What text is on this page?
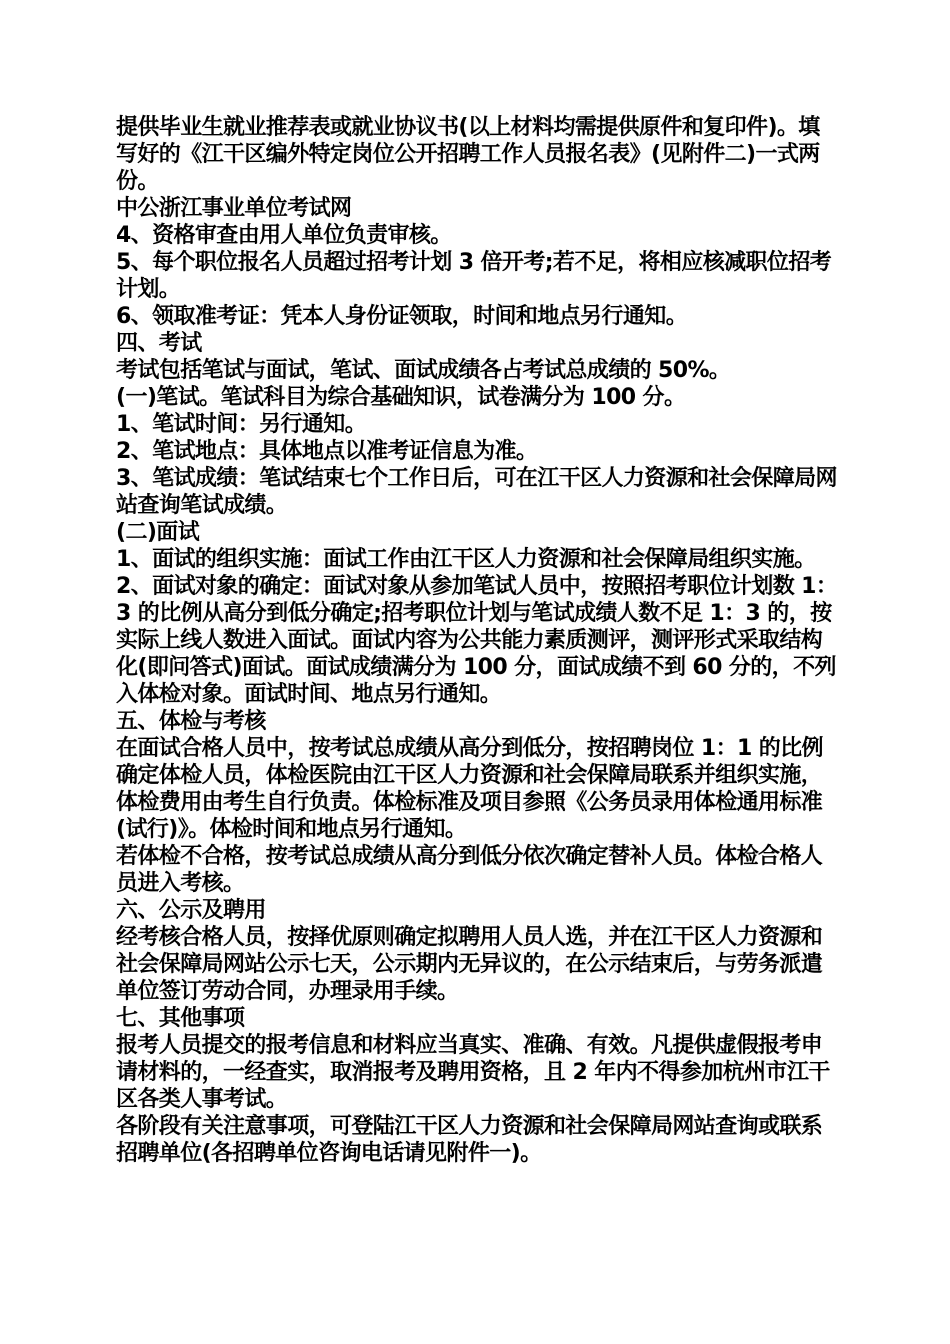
提供毕业生就业推荐表或就业协议书(以上材料均需提供原件和复印件)。填写好的《江干区编外特定岗位公开招聘工作人员报名表》(见附件二)一式两份。

中公浙江事业单位考试网

4、资格审查由用人单位负责审核。

5、每个职位报名人员超过招考计划 3 倍开考;若不足，将相应核减职位招考计划。

6、领取准考证：凭本人身份证领取，时间和地点另行通知。

四、考试

考试包括笔试与面试，笔试、面试成绩各占考试总成绩的 50%。

(一)笔试。笔试科目为综合基础知识，试卷满分为 100 分。

1、笔试时间：另行通知。

2、笔试地点：具体地点以准考证信息为准。

3、笔试成绩：笔试结束七个工作日后，可在江干区人力资源和社会保障局网站查询笔试成绩。

(二)面试

1、面试的组织实施：面试工作由江干区人力资源和社会保障局组织实施。

2、面试对象的确定：面试对象从参加笔试人员中，按照招考职位计划数 1：3 的比例从高分到低分确定;招考职位计划与笔试成绩人数不足 1：3 的，按实际上线人数进入面试。面试内容为公共能力素质测评，测评形式采取结构化(即问答式)面试。面试成绩满分为 100 分，面试成绩不到 60 分的，不列入体检对象。面试时间、地点另行通知。

五、体检与考核

在面试合格人员中，按考试总成绩从高分到低分，按招聘岗位 1：1 的比例确定体检人员，体检医院由江干区人力资源和社会保障局联系并组织实施，体检费用由考生自行负责。体检标准及项目参照《公务员录用体检通用标准(试行)》。体检时间和地点另行通知。

若体检不合格，按考试总成绩从高分到低分依次确定替补人员。体检合格人员进入考核。

六、公示及聘用

经考核合格人员，按择优原则确定拟聘用人员人选，并在江干区人力资源和社会保障局网站公示七天，公示期内无异议的，在公示结束后，与劳务派遣单位签订劳动合同，办理录用手续。

七、其他事项

报考人员提交的报考信息和材料应当真实、准确、有效。凡提供虚假报考申请材料的，一经查实，取消报考及聘用资格，且 2 年内不得参加杭州市江干区各类人事考试。

各阶段有关注意事项，可登陆江干区人力资源和社会保障局网站查询或联系招聘单位(各招聘单位咨询电话请见附件一)。
